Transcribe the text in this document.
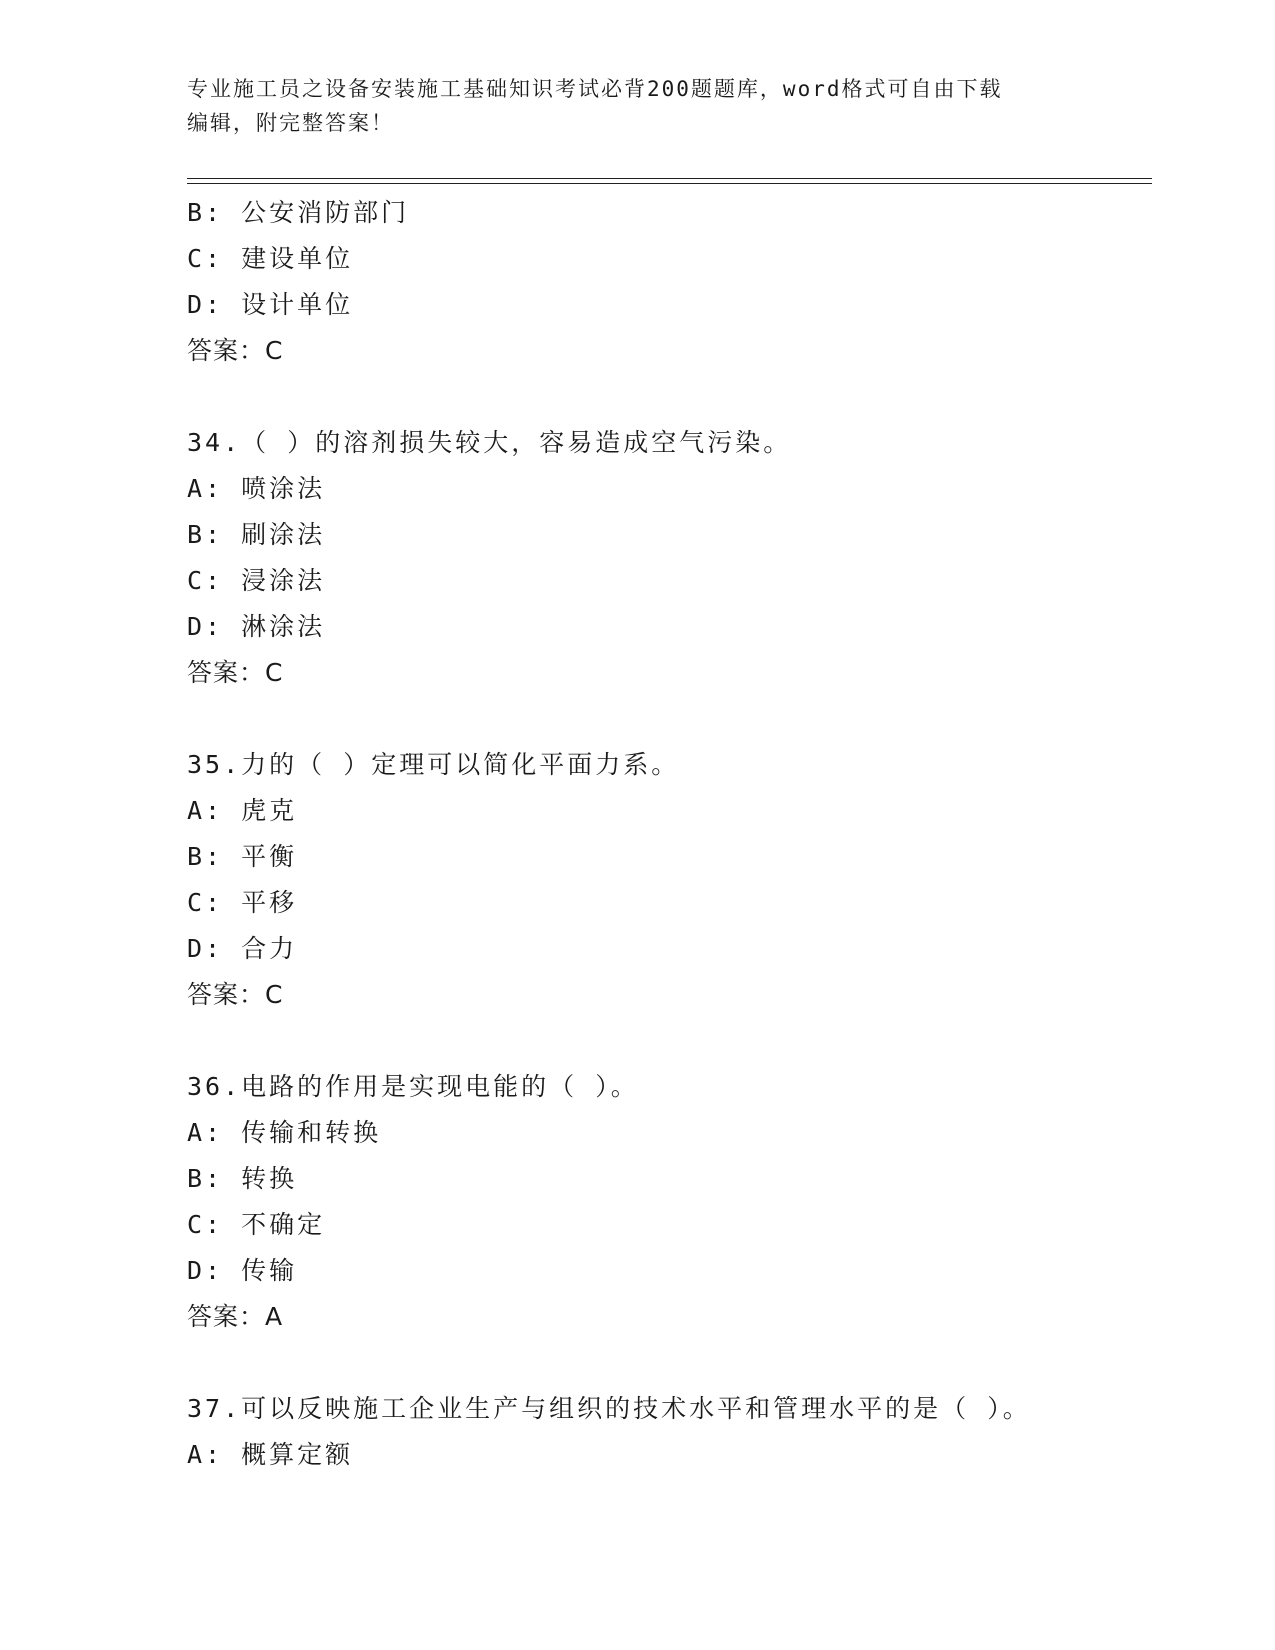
专业施工员之设备安装施工基础知识考试必背200题题库，word格式可自由下载
编辑，附完整答案！
B: 公安消防部门
C: 建设单位
D: 设计单位
答案：C
34.（ ）的溶剂损失较大，容易造成空气污染。
A: 喷涂法
B: 刷涂法
C: 浸涂法
D: 淋涂法
答案：C
35.力的（ ）定理可以简化平面力系。
A: 虎克
B: 平衡
C: 平移
D: 合力
答案：C
36.电路的作用是实现电能的（ ）。
A: 传输和转换
B: 转换
C: 不确定
D: 传输
答案：A
37.可以反映施工企业生产与组织的技术水平和管理水平的是（ ）。
A: 概算定额
